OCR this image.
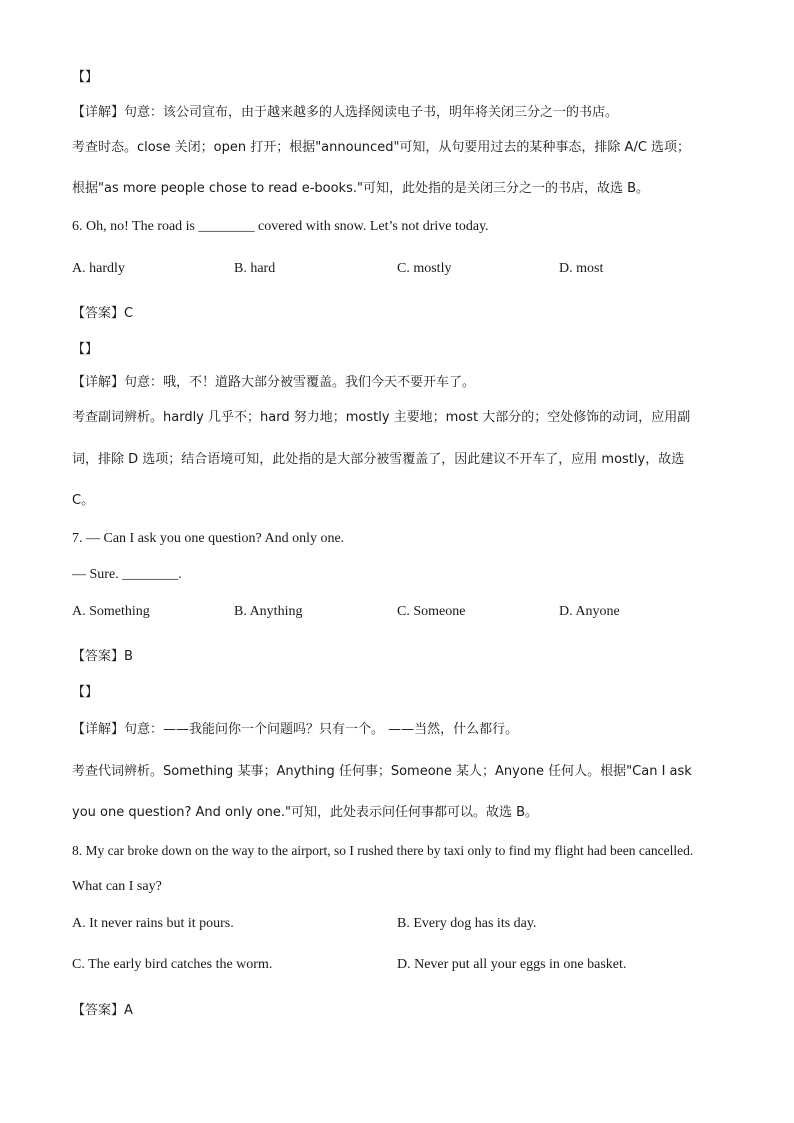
【】
【详解】句意：该公司宣布，由于越来越多的人选择阅读电子书，明年将关闭三分之一的书店。
考查时态。close 关闭；open 打开；根据"announced"可知，从句要用过去的某种事态，排除 A/C 选项；
根据"as more people chose to read e-books."可知，此处指的是关闭三分之一的书店，故选 B。
6. Oh, no! The road is ________ covered with snow. Let’s not drive today.
A. hardly	B. hard	C. mostly	D. most
【答案】C
【】
【详解】句意：哦，不！道路大部分被雪覆盖。我们今天不要开车了。
考查副词辨析。hardly 几乎不；hard 努力地；mostly 主要地；most 大部分的；空处修饰的动词，应用副
词，排除 D 选项；结合语境可知，此处指的是大部分被雪覆盖了，因此建议不开车了，应用 mostly，故选
C。
7. — Can I ask you one question? And only one.
— Sure. ________.
A. Something	B. Anything	C. Someone	D. Anyone
【答案】B
【】
【详解】句意：——我能问你一个问题吗？只有一个。 ——当然，什么都行。
考查代词辨析。Something 某事；Anything 任何事；Someone 某人；Anyone 任何人。根据"Can I ask
you one question? And only one."可知，此处表示问任何事都可以。故选 B。
8. My car broke down on the way to the airport, so I rushed there by taxi only to find my flight had been cancelled.
What can I say?
A. It never rains but it pours.	B. Every dog has its day.
C. The early bird catches the worm.	D. Never put all your eggs in one basket.
【答案】A
